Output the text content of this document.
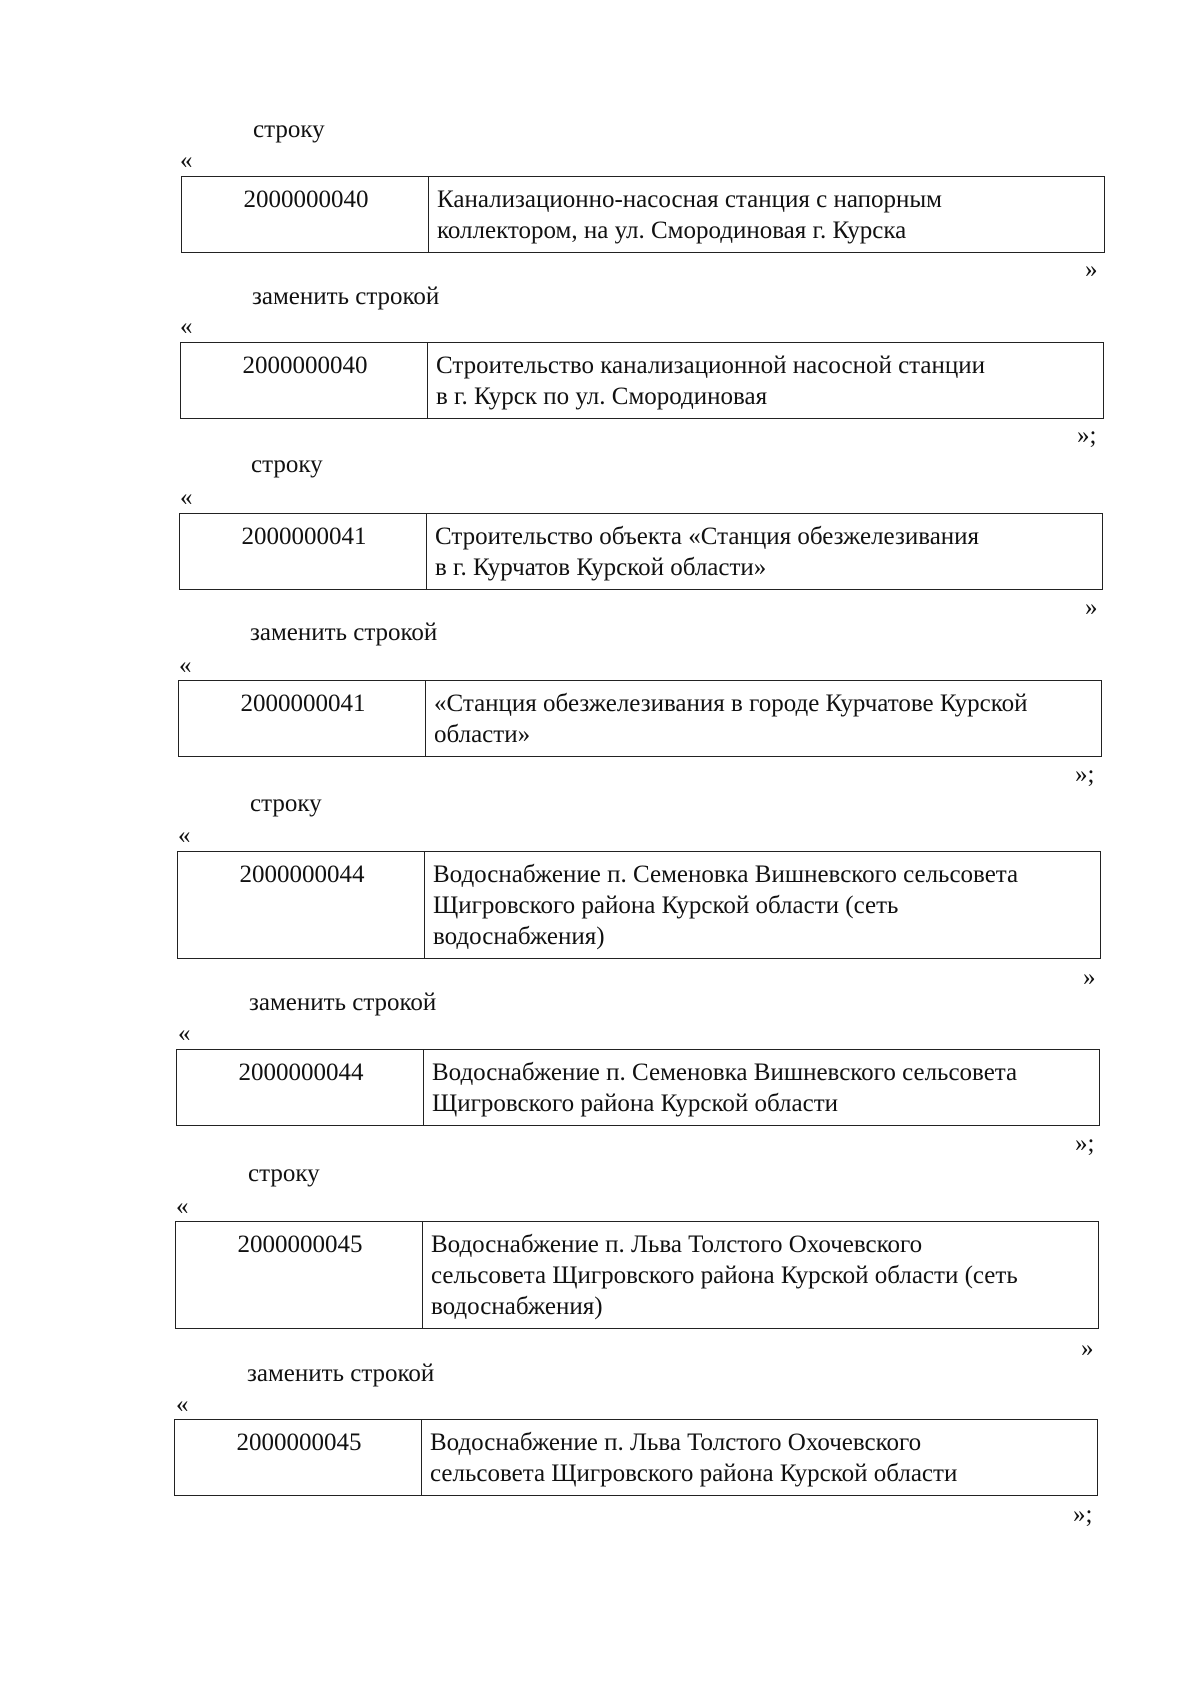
строку
«
2000000040	Канализационно-насосная станция с напорным
коллектором, на ул. Смородиновая г. Курска
»
заменить строкой
«
2000000040	Строительство канализационной насосной станции
в г. Курск по ул. Смородиновая
»;
строку
«
2000000041	Строительство объекта «Станция обезжелезивания
в г. Курчатов Курской области»
»
заменить строкой
«
2000000041	«Станция обезжелезивания в городе Курчатове Курской
области»
»;
строку
«
2000000044	Водоснабжение п. Семеновка Вишневского сельсовета
Щигровского района Курской области (сеть
водоснабжения)
»
заменить строкой
«
2000000044	Водоснабжение п. Семеновка Вишневского сельсовета
Щигровского района Курской области
»;
строку
«
2000000045	Водоснабжение п. Льва Толстого Охочевского
сельсовета Щигровского района Курской области (сеть
водоснабжения)
»
заменить строкой
«
2000000045	Водоснабжение п. Льва Толстого Охочевского
сельсовета Щигровского района Курской области
»;
